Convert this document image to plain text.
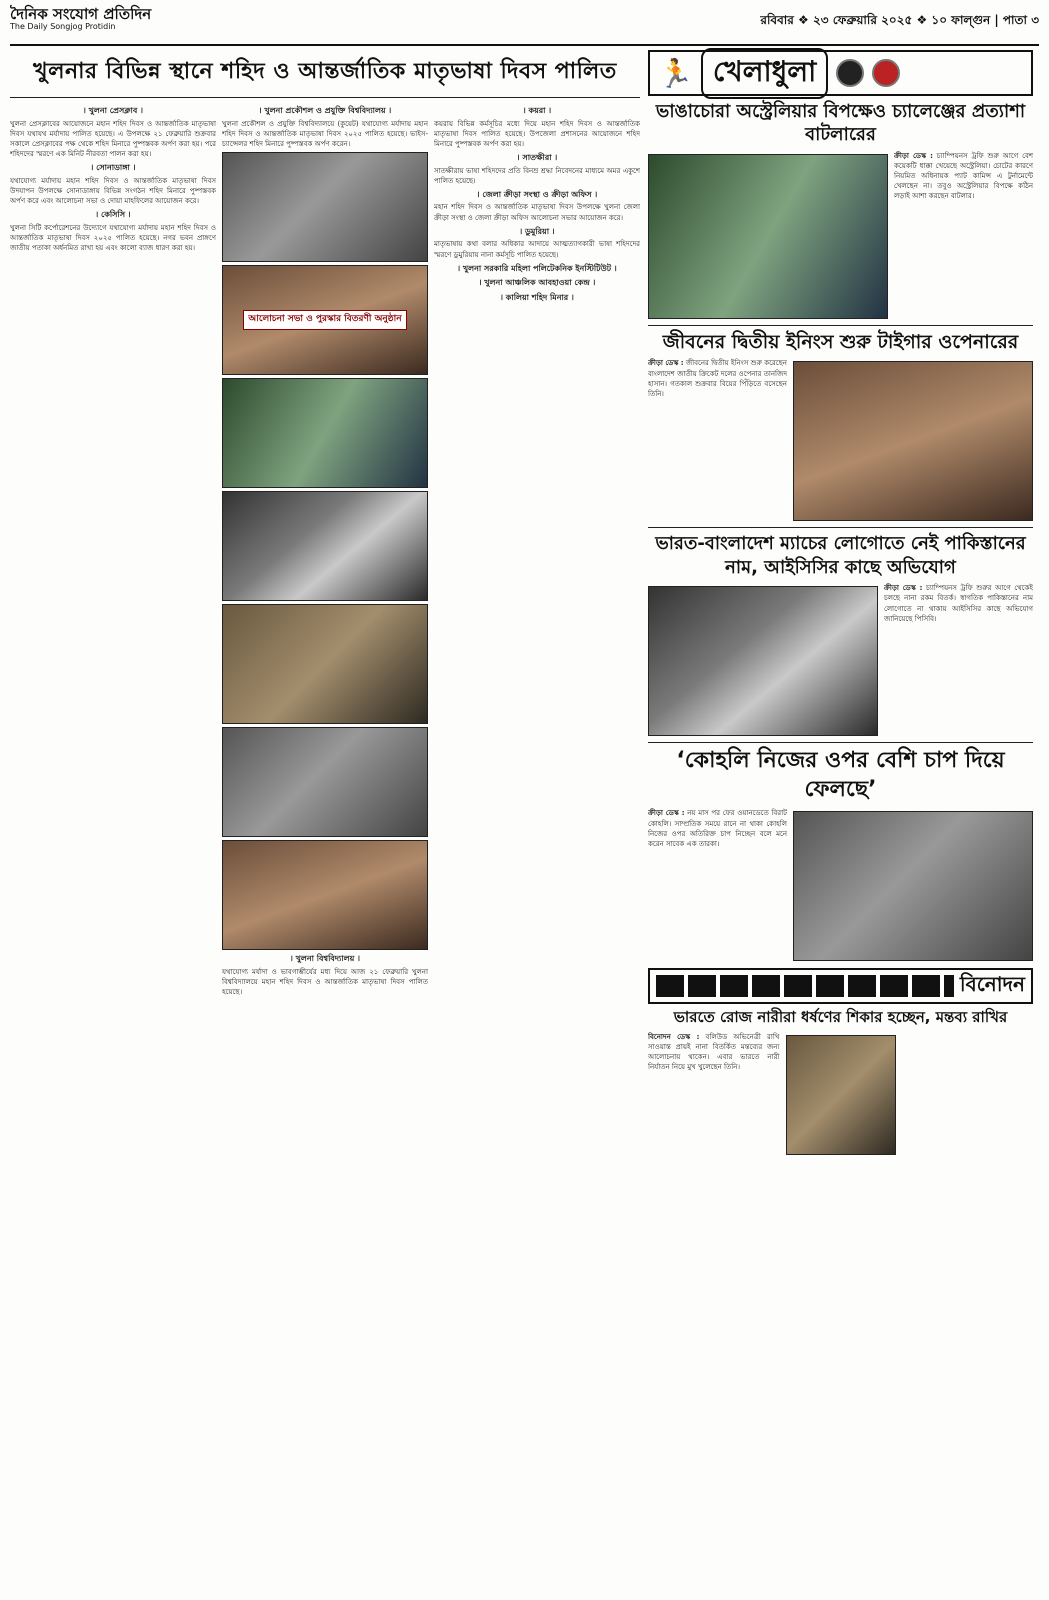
দৈনিক সংযোগ প্রতিদিন
The Daily Songjog Protidin	রবিবার ❖ ২৩ ফেব্রুয়ারি ২০২৫ ❖ ১০ ফাল্গুন | পাতা ৩
খুলনার বিভিন্ন স্থানে শহিদ ও আন্তর্জাতিক মাতৃভাষা দিবস পালিত
। খুলনা প্রেসক্লাব ।

খুলনা প্রেসক্লাবের আয়োজনে মহান শহিদ দিবস ও আন্তর্জাতিক মাতৃভাষা দিবস যথাযথ মর্যাদায় পালিত হয়েছে। এ উপলক্ষে ২১ ফেব্রুয়ারি শুক্রবার সকালে প্রেসক্লাবের পক্ষ থেকে শহিদ মিনারে পুষ্পস্তবক অর্পণ করা হয়। পরে শহিদদের স্মরণে এক মিনিট নীরবতা পালন করা হয়।

। সোনাডাঙ্গা ।

যথাযোগ্য মর্যাদায় মহান শহিদ দিবস ও আন্তর্জাতিক মাতৃভাষা দিবস উদযাপন উপলক্ষে সোনাডাঙ্গায় বিভিন্ন সংগঠন শহিদ মিনারে পুষ্পস্তবক অর্পণ করে এবং আলোচনা সভা ও দোয়া মাহফিলের আয়োজন করে।

। কেসিসি ।

খুলনা সিটি কর্পোরেশনের উদ্যোগে যথাযোগ্য মর্যাদায় মহান শহিদ দিবস ও আন্তর্জাতিক মাতৃভাষা দিবস ২০২৫ পালিত হয়েছে। নগর ভবন প্রাঙ্গণে জাতীয় পতাকা অর্ধনমিত রাখা হয় এবং কালো ব্যাজ ধারণ করা হয়।

। খুলনা প্রকৌশল ও প্রযুক্তি বিশ্ববিদ্যালয় ।

খুলনা প্রকৌশল ও প্রযুক্তি বিশ্ববিদ্যালয়ে (কুয়েট) যথাযোগ্য মর্যাদায় মহান শহিদ দিবস ও আন্তর্জাতিক মাতৃভাষা দিবস ২০২৫ পালিত হয়েছে। ভাইস-চ্যান্সেলর শহিদ মিনারে পুষ্পস্তবক অর্পণ করেন।

আলোচনা সভা ও পুরস্কার বিতরণী অনুষ্ঠান
। খুলনা বিশ্ববিদ্যালয় ।

যথাযোগ্য মর্যাদা ও ভাবগাম্ভীর্যের মধ্য দিয়ে আজ ২১ ফেব্রুয়ারি খুলনা বিশ্ববিদ্যালয়ে মহান শহিদ দিবস ও আন্তর্জাতিক মাতৃভাষা দিবস পালিত হয়েছে।

। কয়রা ।

কয়রায় বিভিন্ন কর্মসূচির মধ্যে দিয়ে মহান শহিদ দিবস ও আন্তর্জাতিক মাতৃভাষা দিবস পালিত হয়েছে। উপজেলা প্রশাসনের আয়োজনে শহিদ মিনারে পুষ্পস্তবক অর্পণ করা হয়।

। সাতক্ষীরা ।

সাতক্ষীরায় ভাষা শহিদদের প্রতি বিনম্র শ্রদ্ধা নিবেদনের মাধ্যমে অমর একুশে পালিত হয়েছে।

। জেলা ক্রীড়া সংস্থা ও ক্রীড়া অফিস ।

মহান শহিদ দিবস ও আন্তর্জাতিক মাতৃভাষা দিবস উপলক্ষে খুলনা জেলা ক্রীড়া সংস্থা ও জেলা ক্রীড়া অফিস আলোচনা সভার আয়োজন করে।

। ডুমুরিয়া ।

মাতৃভাষায় কথা বলার অধিকার আদায়ে আত্মত্যাগকারী ভাষা শহিদদের স্মরণে ডুমুরিয়ায় নানা কর্মসূচি পালিত হয়েছে।

। খুলনা সরকারি মহিলা পলিটেকনিক ইনস্টিটিউট ।
। খুলনা আঞ্চলিক আবহাওয়া কেন্দ্র ।
। কালিয়া শহিদ মিনার ।
🏃 খেলাধুলা
ভাঙাচোরা অস্ট্রেলিয়ার বিপক্ষেও চ্যালেঞ্জের প্রত্যাশা বাটলারের
ক্রীড়া ডেস্ক : চ্যাম্পিয়নস ট্রফি শুরু আগে বেশ কয়েকটি ধাক্কা খেয়েছে অস্ট্রেলিয়া। চোটের কারণে নিয়মিত অধিনায়ক প্যাট কামিন্স এ টুর্নামেন্টে খেলছেন না। তবুও অস্ট্রেলিয়ার বিপক্ষে কঠিন লড়াই আশা করছেন বাটলার।
জীবনের দ্বিতীয় ইনিংস শুরু টাইগার ওপেনারের
ক্রীড়া ডেস্ক : জীবনের দ্বিতীয় ইনিংস শুরু করেছেন বাংলাদেশ জাতীয় ক্রিকেট দলের ওপেনার তানজিদ হাসান। গতকাল শুক্রবার বিয়ের পিঁড়িতে বসেছেন তিনি।
ভারত-বাংলাদেশ ম্যাচের লোগোতে নেই পাকিস্তানের নাম, আইসিসির কাছে অভিযোগ
ক্রীড়া ডেস্ক : চ্যাম্পিয়নস ট্রফি শুরুর আগে থেকেই চলছে নানা রকম বিতর্ক। স্বাগতিক পাকিস্তানের নাম লোগোতে না থাকায় আইসিসির কাছে অভিযোগ জানিয়েছে পিসিবি।
‘কোহলি নিজের ওপর বেশি চাপ দিয়ে ফেলছে’
ক্রীড়া ডেস্ক : নয় মাস পর ফের ওয়ানডেতে বিরাট কোহলি। সাম্প্রতিক সময়ে রানে না থাকা কোহলি নিজের ওপর অতিরিক্ত চাপ নিচ্ছেন বলে মনে করেন সাবেক এক তারকা।
বিনোদন
ভারতে রোজ নারীরা ধর্ষণের শিকার হচ্ছেন, মন্তব্য রাখির
বিনোদন ডেস্ক : বলিউড অভিনেত্রী রাখি সাওয়ান্ত প্রায়ই নানা বিতর্কিত মন্তব্যের জন্য আলোচনায় থাকেন। এবার ভারতে নারী নির্যাতন নিয়ে মুখ খুলেছেন তিনি।
